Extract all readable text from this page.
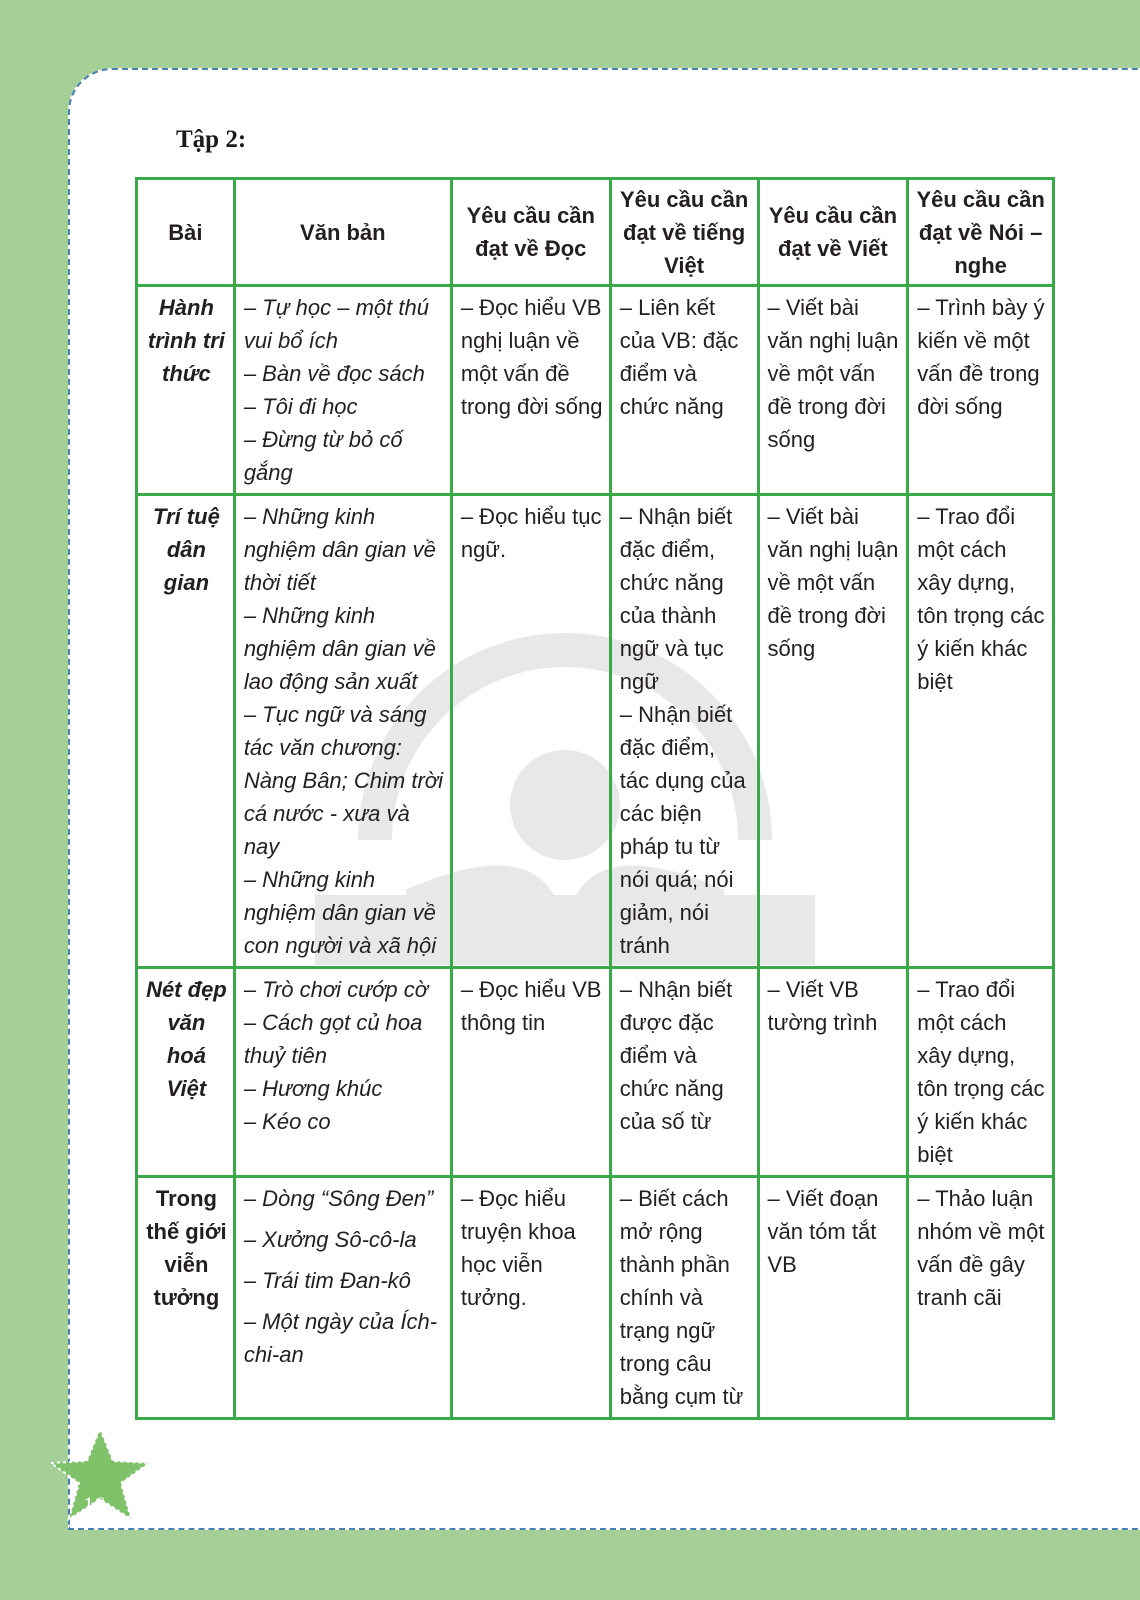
Tập 2:
Bài	Văn bản	Yêu cầu cần đạt về Đọc	Yêu cầu cần đạt về tiếng Việt	Yêu cầu cần đạt về Viết	Yêu cầu cần đạt về Nói – nghe
Hành trình tri thức	– Tự học – một thú vui bổ ích
– Bàn về đọc sách
– Tôi đi học
– Đừng từ bỏ cố gắng	– Đọc hiểu VB nghị luận về một vấn đề trong đời sống	– Liên kết của VB: đặc điểm và chức năng	– Viết bài văn nghị luận về một vấn đề trong đời sống	– Trình bày ý kiến về một vấn đề trong đời sống
Trí tuệ dân gian	– Những kinh nghiệm dân gian về thời tiết
– Những kinh nghiệm dân gian về lao động sản xuất
– Tục ngữ và sáng tác văn chương: Nàng Bân; Chim trời cá nước - xưa và nay
– Những kinh nghiệm dân gian về con người và xã hội	– Đọc hiểu tục ngữ.	– Nhận biết đặc điểm, chức năng của thành ngữ và tục ngữ
– Nhận biết đặc điểm, tác dụng của các biện pháp tu từ nói quá; nói giảm, nói tránh	– Viết bài văn nghị luận về một vấn đề trong đời sống	– Trao đổi một cách xây dựng, tôn trọng các ý kiến khác biệt
Nét đẹp văn hoá Việt	– Trò chơi cướp cờ
– Cách gọt củ hoa thuỷ tiên
– Hương khúc
– Kéo co	– Đọc hiểu VB thông tin	– Nhận biết được đặc điểm và chức năng của số từ	– Viết VB tường trình	– Trao đổi một cách xây dựng, tôn trọng các ý kiến khác biệt
Trong thế giới viễn tưởng	– Dòng “Sông Đen”
– Xưởng Sô-cô-la
– Trái tim Đan-kô
– Một ngày của Ích-chi-an	– Đọc hiểu truyện khoa học viễn tưởng.	– Biết cách mở rộng thành phần chính và trạng ngữ trong câu bằng cụm từ	– Viết đoạn văn tóm tắt VB	– Thảo luận nhóm về một vấn đề gây tranh cãi
16
